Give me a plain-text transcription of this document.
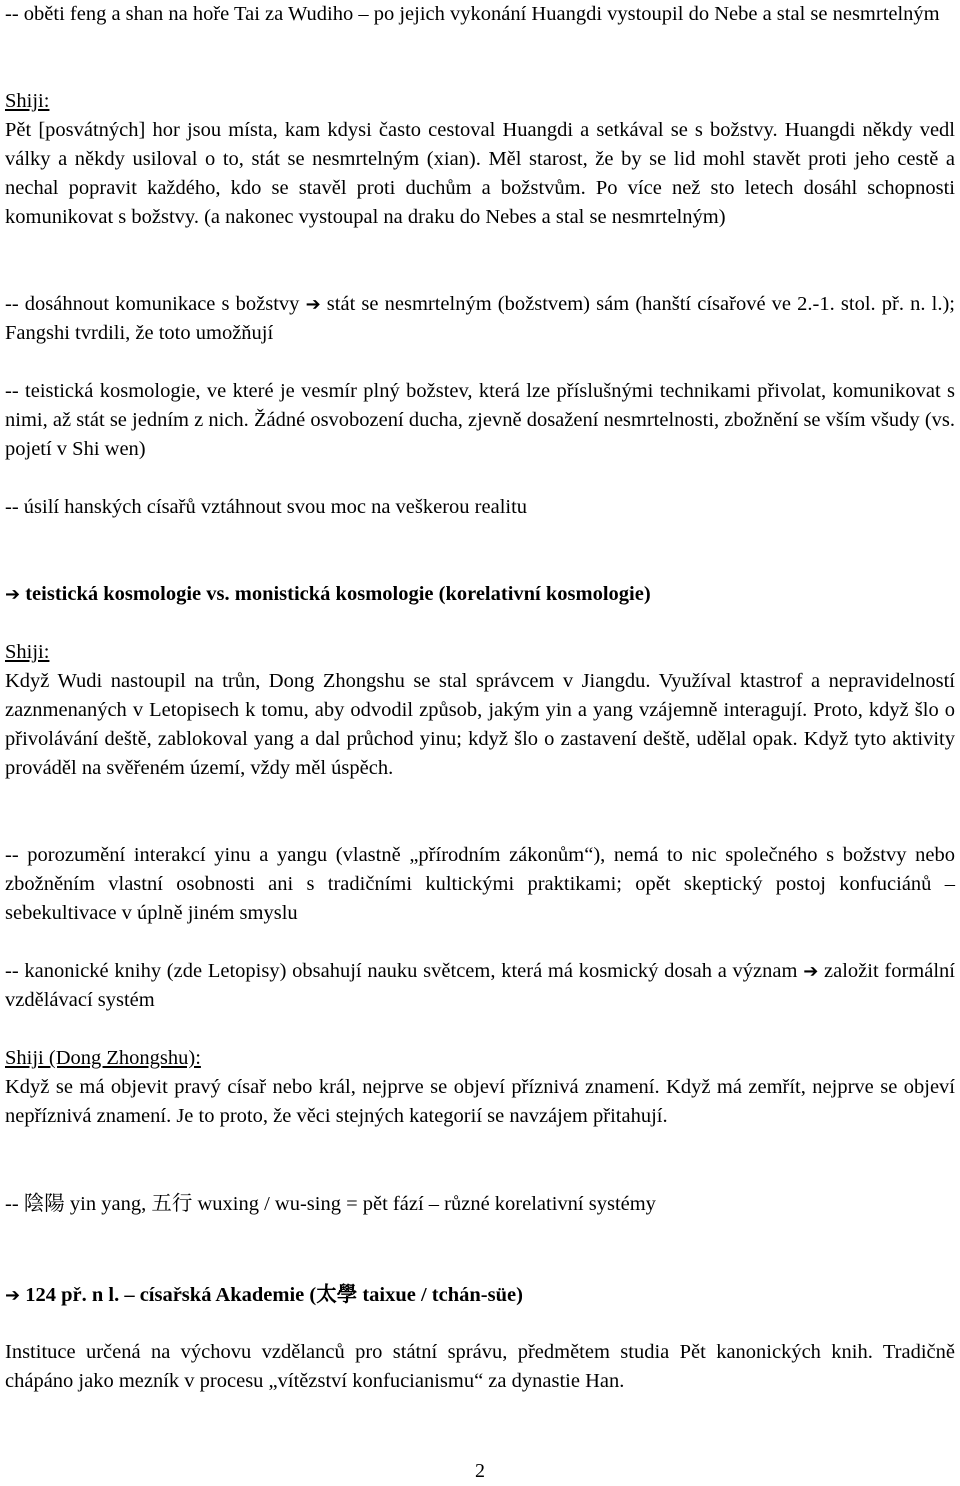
-- oběti feng a shan na hoře Tai za Wudiho – po jejich vykonání Huangdi vystoupil do Nebe a stal se nesmrtelným

Shiji:

Pět [posvátných] hor jsou místa, kam kdysi často cestoval Huangdi a setkával se s božstvy. Huangdi někdy vedl války a někdy usiloval o to, stát se nesmrtelným (xian). Měl starost, že by se lid mohl stavět proti jeho cestě a nechal popravit každého, kdo se stavěl proti duchům a božstvům. Po více než sto letech dosáhl schopnosti komunikovat s božstvy. (a nakonec vystoupal na draku do Nebes a stal se nesmrtelným)

-- dosáhnout komunikace s božstvy ➔ stát se nesmrtelným (božstvem) sám (hanští císařové ve 2.-1. stol. př. n. l.); Fangshi tvrdili, že toto umožňují

-- teistická kosmologie, ve které je vesmír plný božstev, která lze příslušnými technikami přivolat, komunikovat s nimi, až stát se jedním z nich. Žádné osvobození ducha, zjevně dosažení nesmrtelnosti, zbožnění se vším všudy (vs. pojetí v Shi wen)

-- úsilí hanských císařů vztáhnout svou moc na veškerou realitu

➔ teistická kosmologie vs. monistická kosmologie (korelativní kosmologie)

Shiji:

Když Wudi nastoupil na trůn, Dong Zhongshu se stal správcem v Jiangdu. Využíval ktastrof a nepravidelností zaznmenaných v Letopisech k tomu, aby odvodil způsob, jakým yin a yang vzájemně interagují. Proto, když šlo o přivolávání deště, zablokoval yang a dal průchod yinu; když šlo o zastavení deště, udělal opak. Když tyto aktivity prováděl na svěřeném území, vždy měl úspěch.

-- porozumění interakcí yinu a yangu (vlastně „přírodním zákonům“), nemá to nic společného s božstvy nebo zbožněním vlastní osobnosti ani s tradičními kultickými praktikami; opět skeptický postoj konfuciánů – sebekultivace v úplně jiném smyslu

-- kanonické knihy (zde Letopisy) obsahují nauku světcem, která má kosmický dosah a význam ➔ založit formální vzdělávací systém

Shiji (Dong Zhongshu):

Když se má objevit pravý císař nebo král, nejprve se objeví příznivá znamení. Když má zemřít, nejprve se objeví nepříznivá znamení. Je to proto, že věci stejných kategorií se navzájem přitahují.

-- 陰陽 yin yang, 五行 wuxing / wu-sing = pět fází – různé korelativní systémy

➔ 124 př. n l. – císařská Akademie (太學 taixue / tchán-süe)

Instituce určená na výchovu vzdělanců pro státní správu, předmětem studia Pět kanonických knih. Tradičně chápáno jako mezník v procesu „vítězství konfucianismu“ za dynastie Han.

2
